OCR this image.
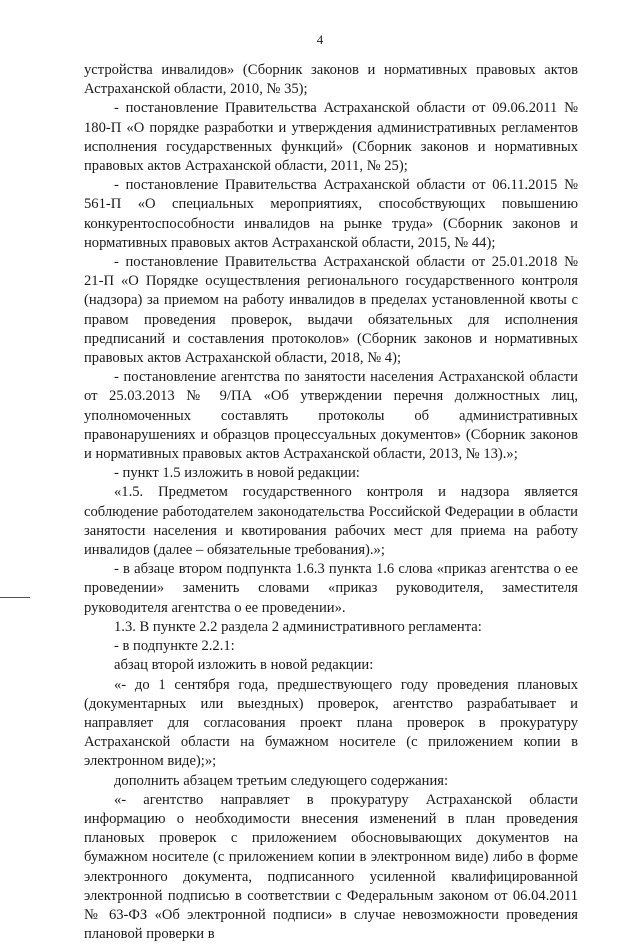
4

устройства инвалидов» (Сборник законов и нормативных правовых актов Астраханской области, 2010, № 35);

- постановление Правительства Астраханской области от 09.06.2011 № 180-П «О порядке разработки и утверждения административных регламентов исполнения государственных функций» (Сборник законов и нормативных правовых актов Астраханской области, 2011, № 25);

- постановление Правительства Астраханской области от 06.11.2015 № 561-П «О специальных мероприятиях, способствующих повышению конкурентоспособности инвалидов на рынке труда» (Сборник законов и нормативных правовых актов Астраханской области, 2015, № 44);

- постановление Правительства Астраханской области от 25.01.2018 № 21-П «О Порядке осуществления регионального государственного контроля (надзора) за приемом на работу инвалидов в пределах установленной квоты с правом проведения проверок, выдачи обязательных для исполнения предписаний и составления протоколов» (Сборник законов и нормативных правовых актов Астраханской области, 2018, № 4);

- постановление агентства по занятости населения Астраханской области от 25.03.2013 № 9/ПА «Об утверждении перечня должностных лиц, уполномоченных составлять протоколы об административных правонарушениях и образцов процессуальных документов» (Сборник законов и нормативных правовых актов Астраханской области, 2013, № 13).»;

- пункт 1.5 изложить в новой редакции:

«1.5. Предметом государственного контроля и надзора является соблюдение работодателем законодательства Российской Федерации в области занятости населения и квотирования рабочих мест для приема на работу инвалидов (далее – обязательные требования).»;

- в абзаце втором подпункта 1.6.3 пункта 1.6 слова «приказ агентства о ее проведении» заменить словами «приказ руководителя, заместителя руководителя агентства о ее проведении».

1.3. В пункте 2.2 раздела 2 административного регламента:

- в подпункте 2.2.1:

абзац второй изложить в новой редакции:

«- до 1 сентября года, предшествующего году проведения плановых (документарных или выездных) проверок, агентство разрабатывает и направляет для согласования проект плана проверок в прокуратуру Астраханской области на бумажном носителе (с приложением копии в электронном виде);»;

дополнить абзацем третьим следующего содержания:

«- агентство направляет в прокуратуру Астраханской области информацию о необходимости внесения изменений в план проведения плановых проверок с приложением обосновывающих документов на бумажном носителе (с приложением копии в электронном виде) либо в форме электронного документа, подписанного усиленной квалифицированной электронной подписью в соответствии с Федеральным законом от 06.04.2011 № 63-ФЗ «Об электронной подписи» в случае невозможности проведения плановой проверки в
